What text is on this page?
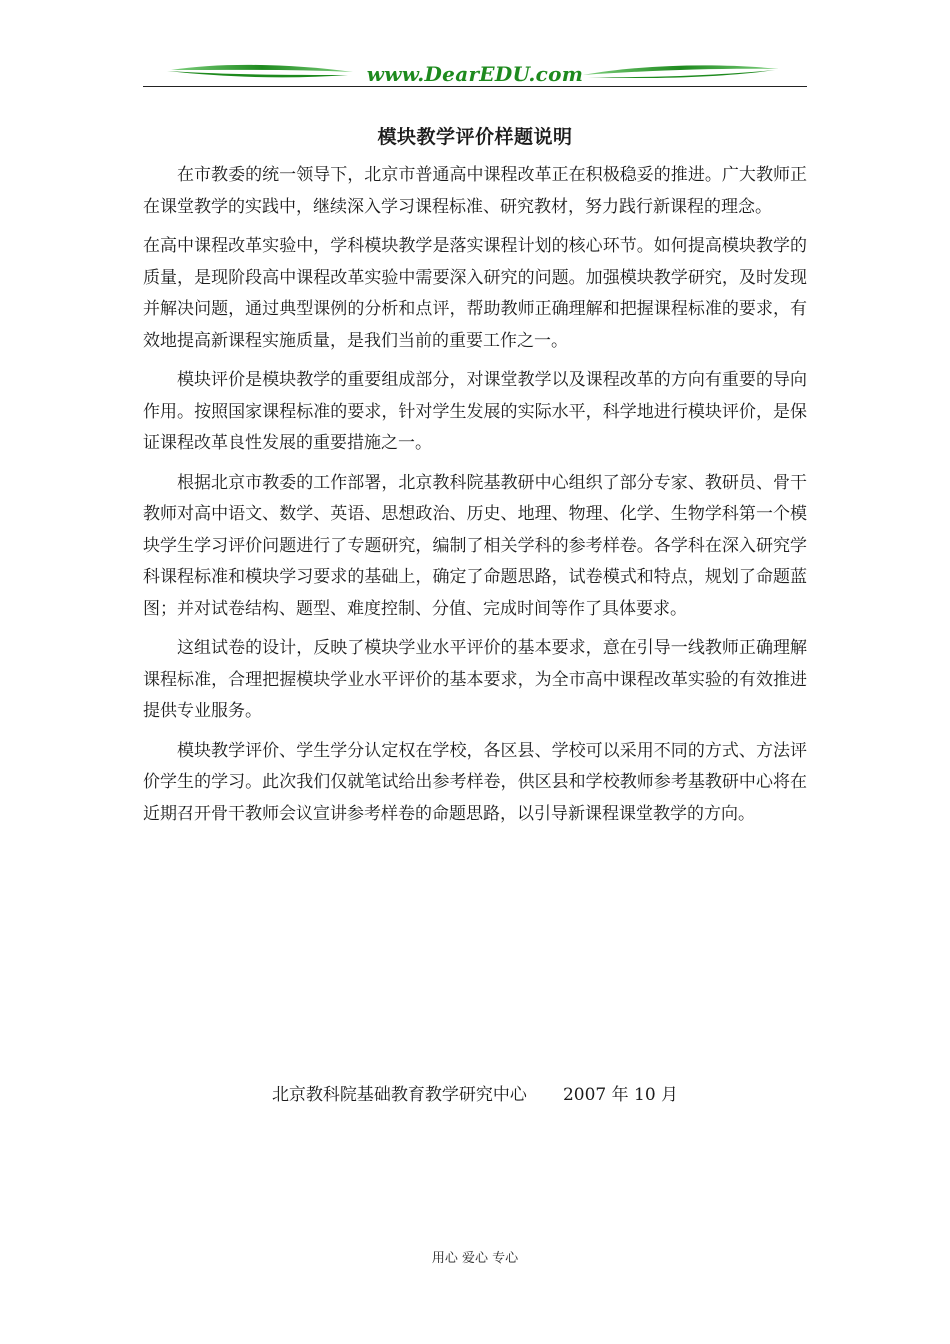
www.DearEDU.com
模块教学评价样题说明

在市教委的统一领导下，北京市普通高中课程改革正在积极稳妥的推进。广大教师正在课堂教学的实践中，继续深入学习课程标准、研究教材，努力践行新课程的理念。

在高中课程改革实验中，学科模块教学是落实课程计划的核心环节。如何提高模块教学的质量，是现阶段高中课程改革实验中需要深入研究的问题。加强模块教学研究，及时发现并解决问题，通过典型课例的分析和点评，帮助教师正确理解和把握课程标准的要求，有效地提高新课程实施质量，是我们当前的重要工作之一。

模块评价是模块教学的重要组成部分，对课堂教学以及课程改革的方向有重要的导向作用。按照国家课程标准的要求，针对学生发展的实际水平，科学地进行模块评价，是保证课程改革良性发展的重要措施之一。

根据北京市教委的工作部署，北京教科院基教研中心组织了部分专家、教研员、骨干教师对高中语文、数学、英语、思想政治、历史、地理、物理、化学、生物学科第一个模块学生学习评价问题进行了专题研究，编制了相关学科的参考样卷。各学科在深入研究学科课程标准和模块学习要求的基础上，确定了命题思路，试卷模式和特点，规划了命题蓝图；并对试卷结构、题型、难度控制、分值、完成时间等作了具体要求。

这组试卷的设计，反映了模块学业水平评价的基本要求，意在引导一线教师正确理解课程标准，合理把握模块学业水平评价的基本要求，为全市高中课程改革实验的有效推进提供专业服务。

模块教学评价、学生学分认定权在学校，各区县、学校可以采用不同的方式、方法评价学生的学习。此次我们仅就笔试给出参考样卷，供区县和学校教师参考基教研中心将在近期召开骨干教师会议宣讲参考样卷的命题思路，以引导新课程课堂教学的方向。

北京教科院基础教育教学研究中心 2007 年 10 月
用心 爱心 专心
